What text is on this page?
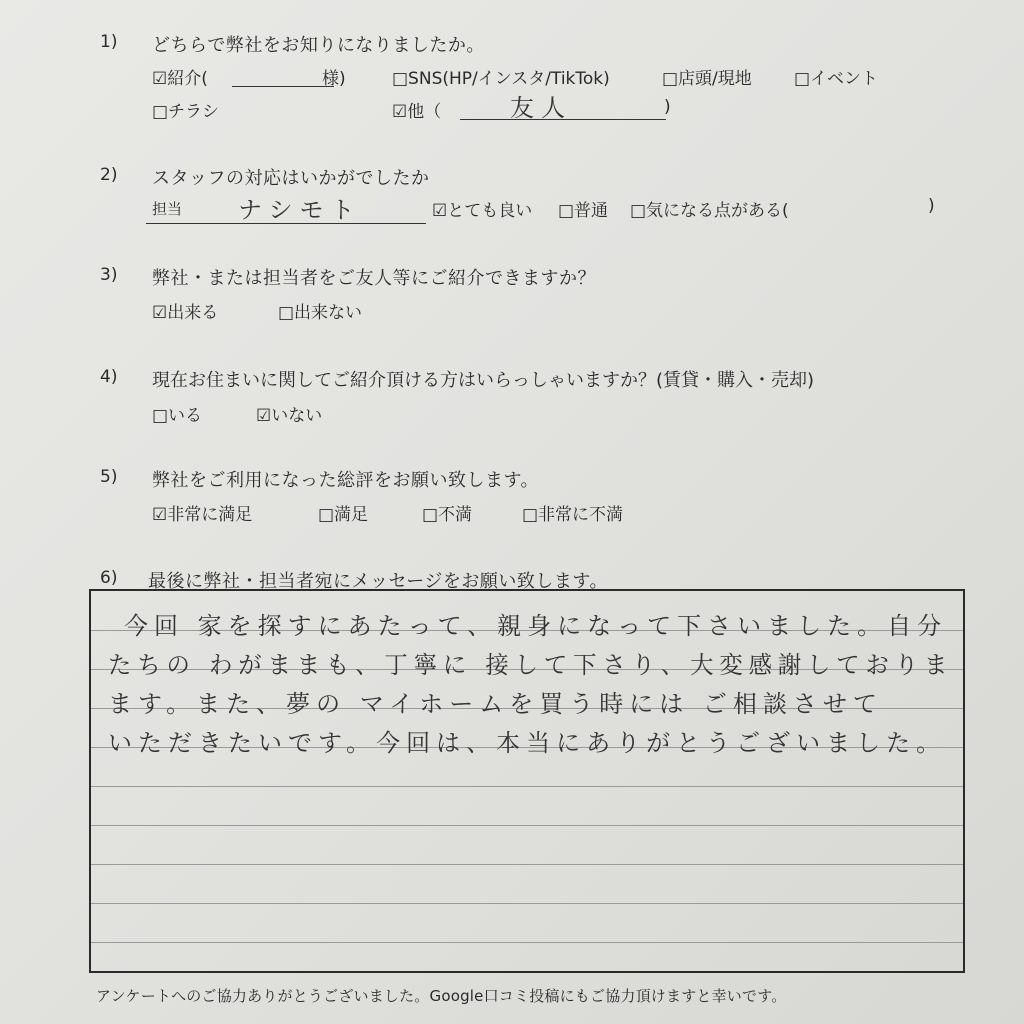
1) どちらで弊社をお知りになりましたか。
☑紹介(	様)	□SNS(HP/インスタ/TikTok)	□店頭/現地 □イベント
□チラシ	☑他（	友人	)
2) スタッフの対応はいかがでしたか
担当 ナシモト	☑とても良い □普通 □気になる点がある(	)
3) 弊社・または担当者をご友人等にご紹介できますか？
☑出来る	□出来ない
4) 現在お住まいに関してご紹介頂ける方はいらっしゃいますか？(賃貸・購入・売却)
□いる	☑いない
5) 弊社をご利用になった総評をお願い致します。
☑非常に満足	□満足	□不満	□非常に不満
6) 最後に弊社・担当者宛にメッセージをお願い致します。
今回 家を探すにあたって、親身になって下さいました。自分
たちの わがままも、丁寧に 接して下さり、大変感謝しておりま
ます。また、夢の マイホームを買う時には ご相談させて
いただきたいです。今回は、本当にありがとうございました。
アンケートへのご協力ありがとうございました。Google口コミ投稿にもご協力頂けますと幸いです。
